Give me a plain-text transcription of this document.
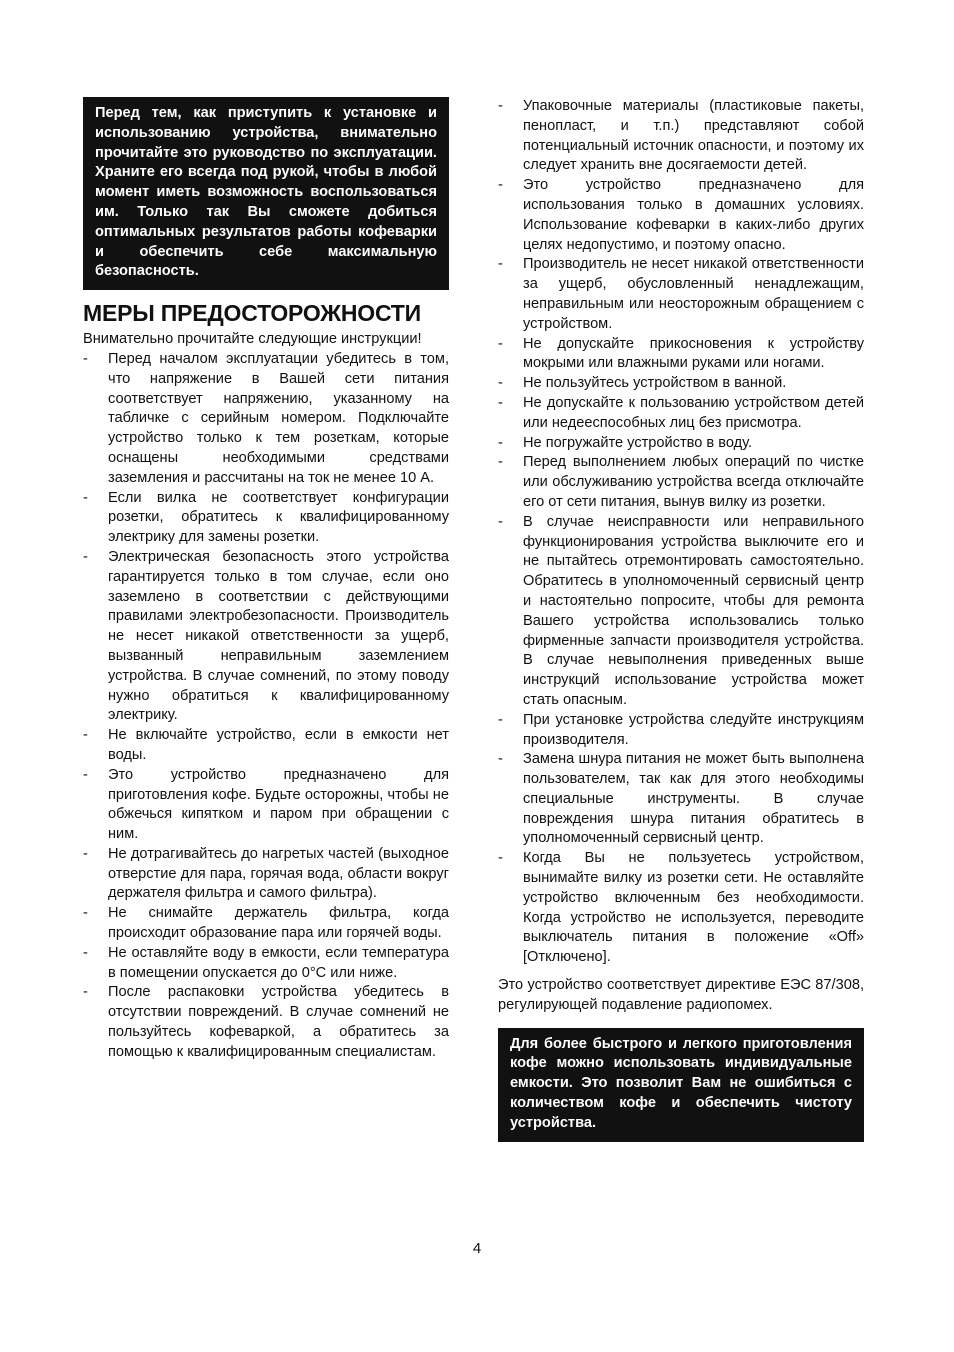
Перед тем, как приступить к установке и использованию устройства, внимательно прочитайте это руководство по эксплуатации. Храните его всегда под рукой, чтобы в любой момент иметь возможность воспользоваться им. Только так Вы сможете добиться оптимальных результатов работы кофеварки и обеспечить себе максимальную безопасность.
МЕРЫ ПРЕДОСТОРОЖНОСТИ

Внимательно прочитайте следующие инструкции!

- Перед началом эксплуатации убедитесь в том, что напряжение в Вашей сети питания соответствует напряжению, указанному на табличке с серийным номером. Подключайте устройство только к тем розеткам, которые оснащены необходимыми средствами заземления и рассчитаны на ток не менее 10 А.
- Если вилка не соответствует конфигурации розетки, обратитесь к квалифицированному электрику для замены розетки.
- Электрическая безопасность этого устройства гарантируется только в том случае, если оно заземлено в соответствии с действующими правилами электробезопасности. Производитель не несет никакой ответственности за ущерб, вызванный неправильным заземлением устройства. В случае сомнений, по этому поводу нужно обратиться к квалифицированному электрику.
- Не включайте устройство, если в емкости нет воды.
- Это устройство предназначено для приготовления кофе. Будьте осторожны, чтобы не обжечься кипятком и паром при обращении с ним.
- Не дотрагивайтесь до нагретых частей (выходное отверстие для пара, горячая вода, области вокруг держателя фильтра и самого фильтра).
- Не снимайте держатель фильтра, когда происходит образование пара или горячей воды.
- Не оставляйте воду в емкости, если температура в помещении опускается до 0°С или ниже.
- После распаковки устройства убедитесь в отсутствии повреждений. В случае сомнений не пользуйтесь кофеваркой, а обратитесь за помощью к квалифицированным специалистам.
- Упаковочные материалы (пластиковые пакеты, пенопласт, и т.п.) представляют собой потенциальный источник опасности, и поэтому их следует хранить вне досягаемости детей.
- Это устройство предназначено для использования только в домашних условиях. Использование кофеварки в каких-либо других целях недопустимо, и поэтому опасно.
- Производитель не несет никакой ответственности за ущерб, обусловленный ненадлежащим, неправильным или неосторожным обращением с устройством.
- Не допускайте прикосновения к устройству мокрыми или влажными руками или ногами.
- Не пользуйтесь устройством в ванной.
- Не допускайте к пользованию устройством детей или недееспособных лиц без присмотра.
- Не погружайте устройство в воду.
- Перед выполнением любых операций по чистке или обслуживанию устройства всегда отключайте его от сети питания, вынув вилку из розетки.
- В случае неисправности или неправильного функционирования устройства выключите его и не пытайтесь отремонтировать самостоятельно. Обратитесь в уполномоченный сервисный центр и настоятельно попросите, чтобы для ремонта Вашего устройства использовались только фирменные запчасти производителя устройства. В случае невыполнения приведенных выше инструкций использование устройства может стать опасным.
- При установке устройства следуйте инструкциям производителя.
- Замена шнура питания не может быть выполнена пользователем, так как для этого необходимы специальные инструменты. В случае повреждения шнура питания обратитесь в уполномоченный сервисный центр.
- Когда Вы не пользуетесь устройством, вынимайте вилку из розетки сети. Не оставляйте устройство включенным без необходимости. Когда устройство не используется, переводите выключатель питания в положение «Off» [Отключено].

Это устройство соответствует директиве ЕЭС 87/308, регулирующей подавление радиопомех.

Для более быстрого и легкого приготовления кофе можно использовать индивидуальные емкости. Это позволит Вам не ошибиться с количеством кофе и обеспечить чистоту устройства.
4
